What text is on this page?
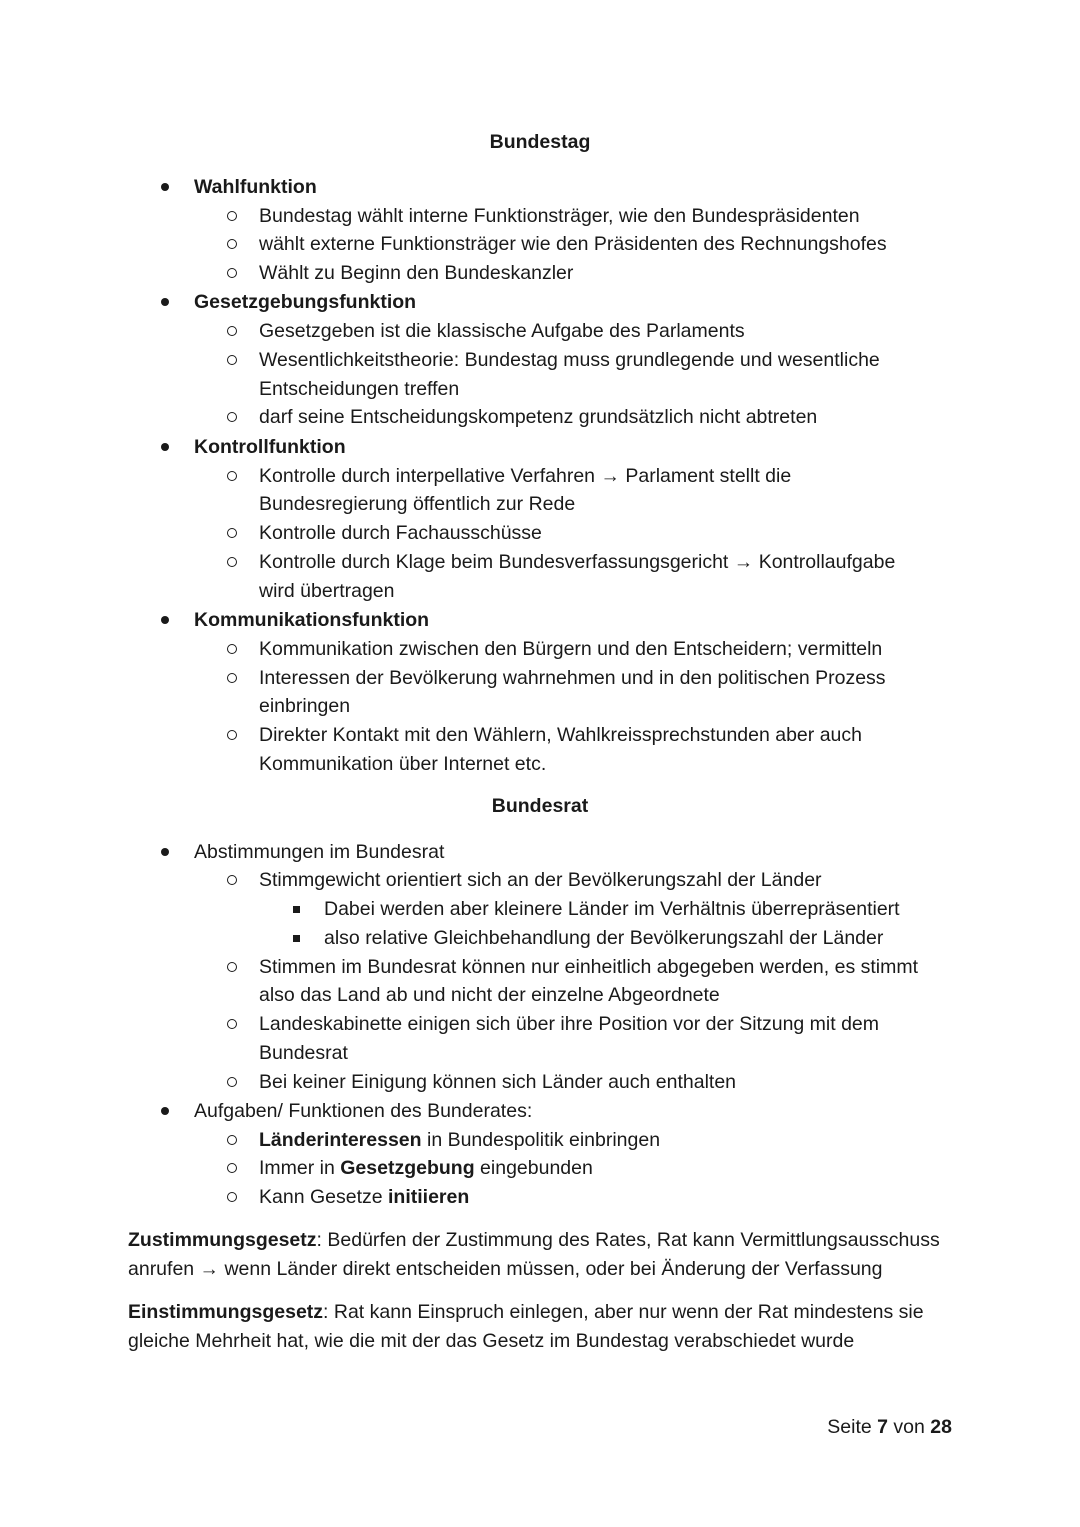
Bundestag
Wahlfunktion
Bundestag wählt interne Funktionsträger, wie den Bundespräsidenten
wählt externe Funktionsträger wie den Präsidenten des Rechnungshofes
Wählt zu Beginn den Bundeskanzler
Gesetzgebungsfunktion
Gesetzgeben ist die klassische Aufgabe des Parlaments
Wesentlichkeitstheorie: Bundestag muss grundlegende und wesentliche
Entscheidungen treffen
darf seine Entscheidungskompetenz grundsätzlich nicht abtreten
Kontrollfunktion
Kontrolle durch interpellative Verfahren → Parlament stellt die
Bundesregierung öffentlich zur Rede
Kontrolle durch Fachausschüsse
Kontrolle durch Klage beim Bundesverfassungsgericht → Kontrollaufgabe
wird übertragen
Kommunikationsfunktion
Kommunikation zwischen den Bürgern und den Entscheidern; vermitteln
Interessen der Bevölkerung wahrnehmen und in den politischen Prozess
einbringen
Direkter Kontakt mit den Wählern, Wahlkreissprechstunden aber auch
Kommunikation über Internet etc.
Bundesrat
Abstimmungen im Bundesrat
Stimmgewicht orientiert sich an der Bevölkerungszahl der Länder
Dabei werden aber kleinere Länder im Verhältnis überrepräsentiert
also relative Gleichbehandlung der Bevölkerungszahl der Länder
Stimmen im Bundesrat können nur einheitlich abgegeben werden, es stimmt
also das Land ab und nicht der einzelne Abgeordnete
Landeskabinette einigen sich über ihre Position vor der Sitzung mit dem
Bundesrat
Bei keiner Einigung können sich Länder auch enthalten
Aufgaben/ Funktionen des Bunderates:
Länderinteressen in Bundespolitik einbringen
Immer in Gesetzgebung eingebunden
Kann Gesetze initiieren
Zustimmungsgesetz: Bedürfen der Zustimmung des Rates, Rat kann Vermittlungsausschuss
anrufen → wenn Länder direkt entscheiden müssen, oder bei Änderung der Verfassung
Einstimmungsgesetz: Rat kann Einspruch einlegen, aber nur wenn der Rat mindestens sie
gleiche Mehrheit hat, wie die mit der das Gesetz im Bundestag verabschiedet wurde
Seite 7 von 28
